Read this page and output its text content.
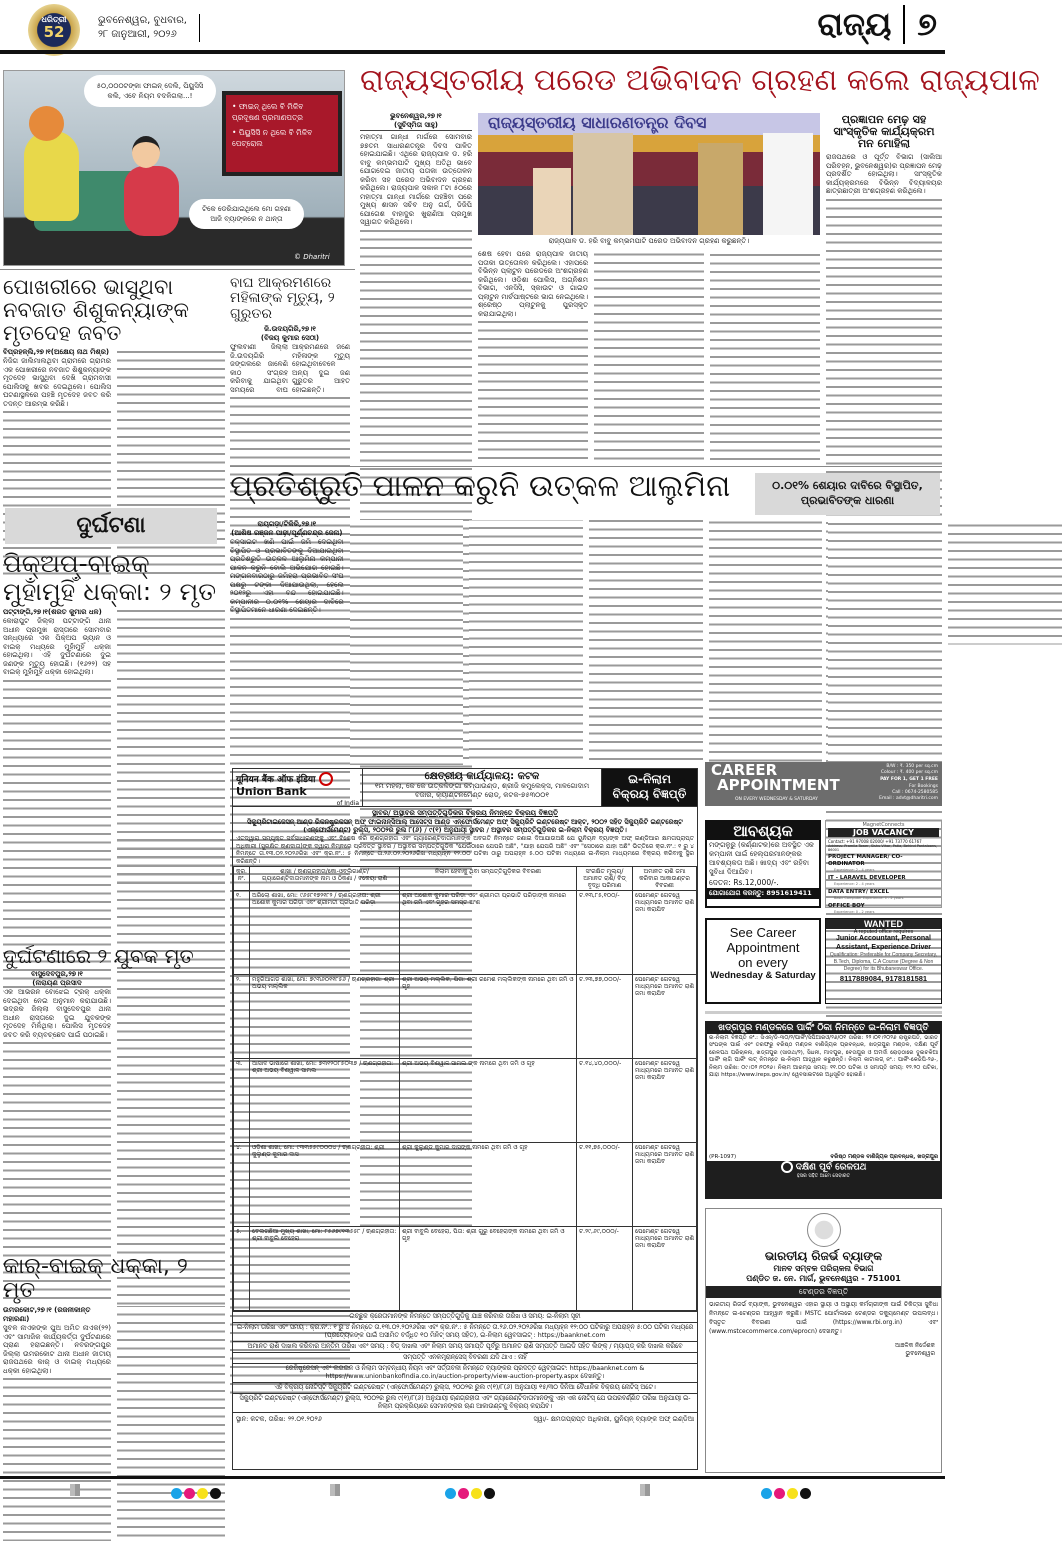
ଧରିତ୍ରୀ
52
ଭୁବନେଶ୍ୱର, ବୁଧବାର,
୨୮ ଜାନୁଆରୀ, ୨୦୨୬	ରାଜ୍ୟ ୭
୫୦,୦୦୦ଟଙ୍କା ଫାଇନ୍ ଦେଲି, ପିୟୁସିସି କଲି, ଏବେ ନିୟମ ବଦଳିଗଲା...!
• ଫାଇନ୍ ଥିଲେ ବି ମିଳିବ ପ୍ରଦୂଷଣ ପ୍ରମାଣପତ୍ର
• ପିୟୁସିସି ନ ଥିଲେ ବି ମିଳିବ ପେଟ୍ରୋଲ
ଟିକେ ଡେରିଯାଇଥିଲେ ମୋ ଗହଣା ଆଜି ବ୍ୟାଙ୍କରେ ନ ଥାନ୍ତା
© Dharitri
ରାଜ୍ୟସ୍ତରୀୟ ପରେଡ ଅଭିବାଦନ ଗ୍ରହଣ କଲେ ରାଜ୍ୟପାଳ
ଭୁବନେଶ୍ୱର,୨୭।୧
(ସୁଚିସ୍ମିତା ସାହୁ)
ମହାତ୍ମା ଗାନ୍ଧୀ ମାର୍ଗରେ ସୋମବାର ୭୭ତମ ସାଧାରଣତନ୍ତ୍ର ଦିବସ ପାଳିତ ହୋଇଯାଇଛି। ଏଥିରେ ରାଜ୍ୟପାଳ ଡ. ହରି ବାବୁ କମ୍ଭମପାଟି ମୁଖ୍ୟ ଅତିଥି ଭାବେ ଯୋଗଦେଇ ଜାତୀୟ ପତାକା ଉତ୍ତୋଳନ କରିବା ସହ ପରେଡ ଅଭିବାଦନ ଗ୍ରହଣ କରିଥିଲେ। ରାଜ୍ୟପାଳ ସକାଳ ୮ଟା ୫୦ରେ ମହାତ୍ମା ଗାନ୍ଧୀ ମାର୍ଗରେ ପହଞ୍ଚିବା ପରେ ମୁଖ୍ୟ ଶାସନ ସଚିବ ଅନୁ ଗର୍ଗ, ଡିଜିପି ଯୋଗେଶ ବାହାଦୁର ଖୁରାଣିଆ ପ୍ରମୁଖ ସ୍ୱାଗତ କରିଥିଲେ।
ରାଜ୍ୟସ୍ତରୀୟ ସାଧାରଣତନ୍ତ୍ର ଦିବସ
ରାଜ୍ୟପାଳ ଡ. ହରି ବାବୁ କମ୍ଭମପାଟି ପରେଡ ଅଭିବାଦନ ଗ୍ରହଣ କରୁଛନ୍ତି।
ଶେଷ ହେବା ପରେ ରାଜ୍ୟପାଳ ଜାତୀୟ ପତାକା ଉତ୍ତୋଳନ କରିଥିଲେ। ଏହାପରେ ବିଭିନ୍ନ ପ୍ଲାଟୁନ ପରେଡରେ ଅଂଶଗ୍ରହଣ କରିଥିଲେ। ଓଡ଼ିଶା ପୋଲିସ, ଅଗ୍ନିଶମ ବିଭାଗ, ଏନସିସି, ସ୍କାଉଟ ଓ ଗାଇଡ ପ୍ଲାଟୁନ ମାର୍ଚପାଷ୍ଟରେ ଭାଗ ନେଇଥିଲେ। ଶ୍ରେଷ୍ଠ ପ୍ଲାଟୁନକୁ ପୁରସ୍କୃତ କରାଯାଇଥିଲା।
ପ୍ରଜ୍ଞାପନ ମେଢ଼ ସହ ସାଂସ୍କୃତିକ କାର୍ଯ୍ୟକ୍ରମ ମନ ମୋହିଲା
ରାଜପଥରେ ଓ ପୂର୍ତ୍ତ ବିଭାଗ (ସାଲିଆ ପରିବହନ, ଭୁବନେଶ୍ୱର)ର ପ୍ରଜ୍ଞାପନ ମେଢ଼ ପ୍ରଦର୍ଶିତ ହୋଇଥିଲା। ସାଂସ୍କୃତିକ କାର୍ଯ୍ୟକ୍ରମରେ ବିଭିନ୍ନ ବିଦ୍ୟାଳୟର ଛାତ୍ରଛାତ୍ରୀ ଅଂଶଗ୍ରହଣ କରିଥିଲେ।
ପୋଖରୀରେ ଭାସୁଥିବା ନବଜାତ ଶିଶୁକନ୍ୟାଙ୍କ ମୃତଦେହ ଜବତ
ବିପ୍ରହଳ୍ଲି,୨୭।୧(ଅକ୍ଷେୟ ନାଥ ମିଶ୍ର)
ନିଜିଗ ଜାଲିମାଲଥିବା ଗ୍ରାମରେ ଗ୍ରାମର ଏକ ପୋଖରୀରେ ନବଜାତ ଶିଶୁକନ୍ୟାଙ୍କ ମୃତଦେହ ଭାସୁଥିବା ଦେଖି ଗ୍ରାମବାସୀ ପୋଲିସକୁ ଖବର ଦେଇଥିଲେ। ପୋଲିସ ଘଟଣାସ୍ଥଳରେ ପହଞ୍ଚି ମୃତଦେହ ଜବତ କରି ତଦନ୍ତ ଆରମ୍ଭ କରିଛି।
ବାଘ ଆକ୍ରମଣରେ ମହିଳାଙ୍କ ମୃତ୍ୟୁ, ୨ ଗୁରୁତର
ଜି.ଉଦୟଗିରି,୨୭।୧
(ବିଜୟ କୁମାର ସେଠୀ)
ଫୁଲବାଣୀ ଜିଲ୍ଲା ଜି.ଉଦୟଗିରି ଜଙ୍ଗଲରେ ଜାଳେଣି କାଠ ସଂଗ୍ରହ କରିବାକୁ ଯାଇଥିବା ସମୟରେ ବାଘ ଆକ୍ରମଣରେ ଜଣେ ମହିଳାଙ୍କ ମୃତ୍ୟୁ ହୋଇଥିବାବେଳେ ଅନ୍ୟ ଦୁଇ ଜଣ ଗୁରୁତର ଆହତ ହୋଇଛନ୍ତି।
ଦୁର୍ଘଟଣା
ପିକ୍ଅପ୍-ବାଇକ୍ ମୁହାଁମୁହିଁ ଧକ୍କା: ୨ ମୃତ
ପଟ୍ଟାଙ୍ଗି,୨୭।୧(ଶରତ କୁମାର ଧଳ)
କୋରାପୁଟ ଜିଲ୍ଲା ପଟ୍ଟାଙ୍ଗି ଥାନା ଅଧୀନ ପ୍ରମୁଖ ରାସ୍ତାରେ ସୋମବାର ସନ୍ଧ୍ୟାରେ ଏକ ପିକ୍ଅପ ଭ୍ୟାନ ଓ ବାଇକ୍ ମଧ୍ୟରେ ମୁହାଁମୁହିଁ ଧକ୍କା ହୋଇଥିଲା। ଏହି ଦୁର୍ଘଟଣାରେ ଦୁଇ ଜଣଙ୍କ ମୃତ୍ୟୁ ହୋଇଛି। (୧୬୨୨) ସହ ବାଇକ୍ ମୁହାଁମୁହିଁ ଧକ୍କା ହୋଇଥିଲା।
ଦୁର୍ଘଟଣାରେ ୨ ଯୁବକ ମୃତ
ବାସୁଦେବପୁର,୨୭।୧
(ନାରାୟଣ ପ୍ରସାଦ
ଏକ ଆଭରନ ବୋଝେଇ ଟ୍ରକ୍ ଧକ୍କା ଦେଇଥିବା ନେଇ ଅନୁମାନ କରାଯାଉଛି। ଭଦ୍ରକ ଜିଲ୍ଲା ବାସୁଦେବପୁର ଥାନା ଅଧୀନ ରାସ୍ତାରେ ଦୁଇ ଯୁବକଙ୍କ ମୃତଦେହ ମିଳିଥିଲା। ପୋଲିସ ମୃତଦେହ ଜବତ କରି ବ୍ୟବଚ୍ଛେଦ ପାଇଁ ପଠାଇଛି।
କାର୍-ବାଇକ୍ ଧକ୍କା, ୨ ମୃତ
ଉମରକୋଟ,୨୭।୧ (ରଜନୀକାନ୍ତ ମହାରଣା)
ସୁବଳ ନାଏକଙ୍କ ପୁଅ ଅମିତ ନାଏକ(୨୨) ଏବଂ ସାମାଜିକ କାର୍ଯ୍ୟକର୍ତ୍ତା ଦୁର୍ଘଟଣାରେ ପ୍ରାଣ ହରାଇଛନ୍ତି। ନବରଙ୍ଗପୁର ଜିଲ୍ଲା ଉମରକୋଟ ଥାନା ଅଧୀନ ଜାତୀୟ ରାଜପଥରେ କାର୍ ଓ ବାଇକ୍ ମଧ୍ୟରେ ଧକ୍କା ହୋଇଥିଲା।
ପ୍ରତିଶ୍ରୁତି ପାଳନ କରୁନି ଉତ୍କଳ ଆଲୁମିନା	୦.୦୧% ଶେୟାର ଦାବିରେ ବିସ୍ଥାପିତ, ପ୍ରଭାବିତଙ୍କ ଧାରଣା
ରାୟଗଡ଼ା/ଟିକିରି,୨୭।୧
(ଆଶିଷ ରଞ୍ଜନ ପାଢ଼ୀ/ପୂର୍ଣ୍ଣଚନ୍ଦ୍ର ଜେନା)
ବକ୍ସାଇଟ ଖଣି ପାଇଁ ଜମି ଦେଇଥିବା ବିସ୍ଥାପିତ ଓ ପ୍ରଭାବିତଙ୍କୁ ଦିଆଯାଇଥିବା ପ୍ରତିଶ୍ରୁତି ଉତ୍କଳ ଆଲୁମିନା କମ୍ପାନୀ ପାଳନ କରୁନି ବୋଲି ଅଭିଯୋଗ ହୋଇଛି। ମଙ୍ଗଳବାରଠାରୁ ଜମିହରା ପ୍ରଭାବିତ ସଂଘ ପକ୍ଷରୁ ଟଙ୍କା ଦିଆଯାଉଥିଲା, ହେଲେ ୨୦୧୨ରୁ ଏହା ବନ୍ଦ ହୋଇଯାଇଛି। କମ୍ପାନୀର ୦.୦୧% ଶେୟାର ଦାବିରେ ବିସ୍ଥାପିତମାନେ ଧାରଣା ଦେଇଛନ୍ତି।
यूनियन बैंक ऑफ इंडिया  Union Bank
of India
କ୍ଷେତ୍ରୀୟ କାର୍ଯ୍ୟାଳୟ: କଟକ
୧ମ ମହଲା, କେ କେ ଉତ୍କଳିଙ୍ଗା କମ୍ପାଉଣ୍ଡ, ଶ୍ରୀଜି କମ୍ପ୍ଲେକ୍ସ, ମାଳଗୋଦାମ ବଜାର, କ୍ୟାଣ୍ଟନମେଣ୍ଟ ରୋଡ୍, କଟକ-୭୫୩୦୦୧
ଇ-ନିଲାମ ବିକ୍ରୟ ବିଜ୍ଞପ୍ତି
ସ୍ଥାବର/ ଅସ୍ଥାବର ସମ୍ପତ୍ତିଗୁଡ଼ିକର ବିକ୍ରୟ ନିମନ୍ତେ ବିକ୍ରୟ ବିଜ୍ଞପ୍ତି
ସିକ୍ୟୁରିଟାଇଜେସନ୍ ଆଣ୍ଡ ରିକନଷ୍ଟ୍ରକସନ୍ ଅଫ୍ ଫାଇନାନ୍ସିଆଲ୍ ଆସେଟ୍ସ ଆଣ୍ଡ ଏନ୍ଫୋର୍ସମେଣ୍ଟ ଅଫ୍ ସିକ୍ୟୁରିଟି ଇଣ୍ଟରେଷ୍ଟ ଆକ୍ଟ, ୨୦୦୨ ସହିତ ସିକ୍ୟୁରିଟି ଇଣ୍ଟରେଷ୍ଟ (ଏନ୍ଫୋର୍ସମେଣ୍ଟ) ରୁଲ୍ସ, ୨୦୦୨ର ରୁଲ ୮(୬) / ୯(୧) ଅନୁଯାୟୀ ସ୍ଥାବର / ଅସ୍ଥାବର ସମ୍ପତ୍ତିଗୁଡ଼ିକର ଇ-ନିଲାମ ବିକ୍ରୟ ବିଜ୍ଞପ୍ତି।
ଏତଦ୍ୱାରା ସମ୍ପୃକ୍ତ ସର୍ବସାଧାରଣଙ୍କୁ ଏବଂ ବିଶେଷ କରି ଋଣଗ୍ରହୀତା ଏବଂ ଗ୍ୟାରେଣ୍ଟିଦାତାମାନଙ୍କ ଅବଗତି ନିମନ୍ତେ ଜଣାଇ ଦିଆଯାଉଅଛି ଯେ ୟୁନିୟନ ବ୍ୟାଙ୍କ ଅଫ୍ ଇଣ୍ଡିଆର କ୍ଷମତାପ୍ରାପ୍ତ ଅଧିକାରୀ (ସୁରକ୍ଷିତ ଋଣଦାତା)ଙ୍କ ଦ୍ୱାରା ନିମ୍ନରେ ପ୍ରଦତ୍ତ ସ୍ଥାବର / ଅସ୍ଥାବର ସମ୍ପତ୍ତିଗୁଡ଼ିକ "ଯେଉଁଠାରେ ଯେପରି ଅଛି", "ଯାହା ଯେପରି ଅଛି" ଏବଂ "ସେଠାରେ ଯାହା ଅଛି" ଭିତ୍ତିରେ କ୍ର.ନଂ.: ୧ ରୁ ୪ ନିମନ୍ତେ ତା.୧୩.୦୨.୨୦୨୬ରିଖ ଏବଂ କ୍ର.ନଂ.: ୫ ନିମନ୍ତେ ତା.୨୬.୦୨.୨୦୨୬ରିଖ ମଧ୍ୟାହ୍ନ ୧୨.୦୦ ଘଟିକା ଠାରୁ ଅପରାହ୍ନ ୫.୦୦ ଘଟିକା ମଧ୍ୟରେ ଇ-ନିଲାମ ମାଧ୍ୟମରେ ବିକ୍ରୟ କରିବାକୁ ସ୍ଥିର କରିଛନ୍ତି।
କ୍ର. ନଂ.	ଶାଖା / ଋଣଗ୍ରହୀତା/କୋ-ଓବ୍ଲିଗାଣ୍ଟ/ ଗ୍ୟାରେଣ୍ଟିଦାତାମାନଙ୍କ ନାମ ଓ ଠିକଣା / ବକେୟା ରାଶି	ନିଲାମ ହେବାକୁ ଥିବା ସମ୍ପତ୍ତିଗୁଡ଼ିକର ବିବରଣୀ	ସଂରକ୍ଷିତ ମୂଲ୍ୟ/ ଅମାନତ ରାଶି/ ବିଡ୍ ବୃଦ୍ଧି ପରିମାଣ	ଅମାନତ ରାଶି ଜମା କରିବାର ଆକାଉଣ୍ଟର ବିବରଣୀ
୧.	ଅରିଲୋ ଶାଖା, ମୋ: ୯୬୫୮୧୭୨୧୮୨ / ଋଣଗ୍ରହୀତା: ଶ୍ରୀ ଅଶୋକ କୁମାର ପରିଡ଼ା ଏବଂ ଶ୍ରୀମତୀ ପ୍ରଭାତି ପରିଡ଼ା	ଶ୍ରୀ ଅଶୋକ କୁମାର ପରିଡ଼ା ଏବଂ ଶ୍ରୀମତୀ ପ୍ରଭାତି ପରିଡ଼ାଙ୍କ ନାମରେ ଥିବା ଜମି ଏବଂ ଗୃହର ସମସ୍ତ ଅଂଶ	ଟ.୧୩,୮୫,୧୦୦/-	ପେମେଣ୍ଟ ଗେଟୱେ ମାଧ୍ୟମରେ ଅମାନତ ରାଶି ଜମା କରାଯିବ
୨.	ମହୁରିଆଗଡ଼ ଶାଖା, ମୋ: ୭୯୩୬୦୧୧୮୫୬ / ଋଣଗ୍ରହୀତା: ଶ୍ରୀ ଅଭୟ ମଲ୍ଲିକ	ଶ୍ରୀ ଅଭୟ ମଲ୍ଲିକ, ପିତା: ଶ୍ରୀ ରମେଶ ମଲ୍ଲିକଙ୍କ ନାମରେ ଥିବା ଜମି ଓ ଗୃହ	ଟ.୨୩,୭୭,୦୦୦/-	ପେମେଣ୍ଟ ଗେଟୱେ ମାଧ୍ୟମରେ ଅମାନତ ରାଶି ଜମା କରାଯିବ
୩.	ଆସାଦ ଭାଷାରେ ଶାଖା, ମୋ: ୭୩୧୨୦୮୫୦୩୭ / ଋଣଗ୍ରହୀତା: ଶ୍ରୀ ଅଭୟ ବିଶୱାଳ ସାମଲ	ଶ୍ରୀ ଅଭୟ ବିଶୱାଳ ସାମଲ ଙ୍କ ନାମରେ ଥିବା ଜମି ଓ ଗୃହ	ଟ.୧୪,୪୦,୦୦୦/-	ପେମେଣ୍ଟ ଗେଟୱେ ମାଧ୍ୟମରେ ଅମାନତ ରାଶି ଜମା କରାଯିବ
୪.	ଓଡ଼ିଶା ଶାଖା, ମୋ: ୯୩୩୫୫୯୦୦୦୪ / ଋଣଗ୍ରହୀତା: ଶ୍ରୀ କୁଲୁଣ୍ଡ କୁମାର ଦାସ	ଶ୍ରୀ କୁଲୁଣ୍ଡ କୁମାର ଦାସଙ୍କ ନାମରେ ଥିବା ଜମି ଓ ଗୃହ	ଟ.୧୧,୭୫,୦୦୦/-	ପେମେଣ୍ଟ ଗେଟୱେ ମାଧ୍ୟମରେ ଅମାନତ ରାଶି ଜମା କରାଯିବ
୫.	ବେଲଗଛିଆ ମୁଖ୍ୟ ଶାଖା, ମୋ: ୮୫୬୭୯୧୩୫୫୮ / ଋଣଗ୍ରହୀତା: ଶ୍ରୀ ବାବୁଲି ବେହେରା	ଶ୍ରୀ ବାବୁଲି ବେହେରା, ପିତା: ଶ୍ରୀ ଗୁରୁ ବେହେରାଙ୍କ ନାମରେ ଥିବା ଜମି ଓ ଗୃହ	ଟ.୨୯,୬୯,୦୦୦/-	ପେମେଣ୍ଟ ଗେଟୱେ ମାଧ୍ୟମରେ ଅମାନତ ରାଶି ଜମା କରାଯିବ
ଇଚ୍ଛୁକ କ୍ରେତାମାନଙ୍କ ନିମନ୍ତେ ସମ୍ପତ୍ତିଗୁଡ଼ିକୁ ଯାଞ୍ଚ କରିବାର ତାରିଖ ଓ ସମୟ: ଇ-ନିଲାମ ସୂଚୀ
ଇ-ନିଲାମ ତାରିଖ ଏବଂ ସମୟ : କ୍ର.ନଂ.: ୧ ରୁ ୪ ନିମନ୍ତେ ତା.୧୩.୦୨.୨୦୨୬ରିଖ ଏବଂ କ୍ର.ନଂ.: ୫ ନିମନ୍ତେ ତା.୨୬.୦୨.୨୦୨୬ରିଖ ମଧ୍ୟାହ୍ନ ୧୨:୦୦ ଘଟିକାରୁ ଅପରାହ୍ନ ୫:୦୦ ଘଟିକା ମଧ୍ୟରେ (ପ୍ରତ୍ୟେକଙ୍କ ପାଇଁ ଅସୀମିତ ବର୍ଦ୍ଧିତ ୧୦ ମିନିଟ୍ ସମୟ ସହିତ), ଇ-ନିଲାମ ୱେବସାଇଟ୍ : https://baanknet.com
ଅମାନତ ରାଶି ଦାଖଲ କରିବାର ଅନ୍ତିମ ତାରିଖ ଏବଂ ସମୟ : ବିଡ୍ ଦାଖଲ ଏବଂ ନିଲାମ ସମୟ ସମାପ୍ତି ପୂର୍ବରୁ ଅମାନତ ରାଶି ସମ୍ପତ୍ତି ଆଇଡି ସହିତ ଲିଙ୍କ୍ / ମ୍ୟାପ୍ଡ୍ କରି ଦାଖଲ କରିବେ
ସମ୍ପତ୍ତି ଏନକମ୍ବ୍ରାନ୍ସେସ୍ ବିବରଣୀ ଯଦି ଥାଏ : ନାହିଁ
ରେଜିଷ୍ଟ୍ରେସନ୍ ଏବଂ ଲଗଇନ ଓ ନିଲାମ ସମ୍ବନ୍ଧୀୟ ନିୟମ ଏବଂ ସର୍ତ୍ତାବଳୀ ନିମନ୍ତେ ବ୍ୟାଙ୍କର ପ୍ରଦତ୍ତ ୱେବ୍ସାଇଟ: https://baanknet.com & https://www.unionbankofindia.co.in/auction-property/view-auction-property.aspx ଦେଖନ୍ତୁ।
ଏହି ବିକ୍ରୟ ନୋଟିସ୍ଟି ସିକ୍ୟୁରିଟି ଇଣ୍ଟରେଷ୍ଟ (ଏନ୍ଫୋର୍ସମେଣ୍ଟ) ରୁଲ୍ସ, ୨୦୦୨ର ରୁଲ ୯(୧)/୮(୬) ଅନୁଯାୟୀ ୧୫/୩୦ ଦିନିଆ ବୈଧାନିକ ବିକ୍ରୟ ନୋଟିସ୍ ଅଟେ।
ସିକ୍ୟୁରିଟି ଇଣ୍ଟରେଷ୍ଟ (ଏନ୍ଫୋର୍ସମେଣ୍ଟ) ରୁଲ୍ସ, ୨୦୦୨ର ରୁଲ ୯(୧)/୮(୬) ଅନୁଯାୟୀ ଋଣଗ୍ରହୀତା ଏବଂ ଗ୍ୟାରେଣ୍ଟିଦାତାମାନଙ୍କୁ ଏହା ଏକ ନୋଟିସ୍ ଯେ ଉପରବର୍ଣ୍ଣିତ ତାରିଖ ଅନୁଯାୟୀ ଇ-ନିଲାମ ପ୍ରକ୍ରିୟାରେ ସେମାନଙ୍କର ଋଣ ଆକାଉଣ୍ଟକୁ ବିକ୍ରୟ କରାଯିବ।
ସ୍ଥାନ: କଟକ, ତାରିଖ: ୨୨.୦୧.୨୦୨୬	ସ୍ୱା/- କ୍ଷମତାପ୍ରାପ୍ତ ଅଧିକାରୀ, ୟୁନିୟନ୍ ବ୍ୟାଙ୍କ ଅଫ୍ ଇଣ୍ଡିଆ
CAREER
APPOINTMENT
ON EVERY WEDNESDAY & SATURDAY
B/W : ₹. 350 per sq.cm
Colour : ₹. 400 per sq.cm
PAY FOR 1, GET 1 FREE
For Bookings
Call : 0674-2580585
Email : advt@dharitri.com
ଆବଶ୍ୟକ
ମଙ୍ଗଳୁରୁ (କର୍ଣ୍ଣାଟକ)ରେ ଅବସ୍ଥିତ ଏକ କମ୍ପାନୀ ପାଇଁ ହେଲ୍ପରମାନଙ୍କର ଆବଶ୍ୟକତା ଅଛି। ଖାଦ୍ୟ ଏବଂ ରହିବା ସୁବିଧା ଦିଆଯିବ।
ଦେତନ: Rs.12,000/-.
ଯୋଗାଯୋଗ କରନ୍ତୁ: 8951619411
MagnetConnects
JOB VACANCY
Contact: +91 97008 02000/ +91 73770 61767
Address: Pramila Tower, Sishu Vihar, Patia, Behind Pantaloons, 86001
PROJECT MANAGER/ CO-ORDINATOR
Experience: 2 - 4 years
IT - LARAVEL DEVELOPER
Experience: 2 - 4 years
DATA ENTRY/ EXCEL
Basic Computer Experience: 1 - 2 years
OFFICE BOY
Experience: 0 - 2 years
See Career
Appointment
on every
Wednesday & Saturday
WANTED
A reputed office requires
Junior Accountant, Personal Assistant, Experience Driver
Qualification: Preferable for Company Secretary, B.Tech, Diploma, C.A Course (Degree & Non Degree) for its Bhubaneswar Office.
8117889084, 9178181581
ଖଡ୍ଗପୁର ମଣ୍ଡଳରେ ପାର୍କିଂ ଠିକା ନିମନ୍ତେ ଇ-ନିଲାମ ବିଜ୍ଞପ୍ତି
ଇ-ନିଲାମ ବିଜ୍ଞପ୍ତି ନଂ.: ସିଏନ୍/ଡି-୩୦/୨/ପାର୍କିଂ/ସିପିଆରଓ/୨୬/୦୧ ତାରିଖ: ୨୨।୦୧।୨୦୨୬ ରାଷ୍ଟ୍ରପତି, ଭାରତ ସଂଘଙ୍କ ପାଇଁ ଏବଂ ତରଫରୁ ବରିଷ୍ଠ ମଣ୍ଡଳ ବାଣିଜ୍ୟିକ ପ୍ରବନ୍ଧକ, ଖଡ୍ଗପୁର ମଣ୍ଡଳ, ଦକ୍ଷିଣ ପୂର୍ବ ରେଳପଥ ପରିଚାଳନା, ଖଡ୍ଗପୁର (ସାଉଥ/୨), ସିଧନୀ, ମାଦପୁର, ବେତାପୁର ଓ ଅମର୍ଦା ରୋଡ଼ଠାରେ ଦୁଇଚକିଆ ପାର୍କିଂ ଲାଗି ପାର୍କିଂ ଲଟ୍ ନିମନ୍ତେ ଇ-ନିଲାମ ଆହ୍ୱାନ କରୁଛନ୍ତି। ନିଲାମ କାଟାଲଗ୍ ନଂ.: ପାର୍କିଂ-କେଜିପି-୨୬-, ନିଲାମ ତାରିଖ: ୦୯।୦୨।୨୦୨୬। ନିଲାମ ଆରମ୍ଭ ସମୟ: ୧୧.୦୦ ଘଟିକା ଓ ସମାପ୍ତି ସମୟ: ୧୨.୨୦ ଘଟିକା, ଯାହା https://www.ireps.gov.in/ ୱେବସାଇଟରେ ଅଧିସୂଚିତ ହୋଇଛି।
(PR-1097)	ବରିଷ୍ଠ ମଣ୍ଡଳ ବାଣିଜ୍ୟିକ ପ୍ରବନ୍ଧକ, ଖଡ୍ଗପୁର
ଦକ୍ଷିଣ ପୂର୍ବ ରେଳପଥ
ହସର ସହିତ ଆମେ ସେବାରତ
ଭାରତୀୟ ରିଜର୍ଭ ବ୍ୟାଙ୍କ
ମାନବ ସମ୍ବଳ ପରିଚାଳନା ବିଭାଗ
ପଣ୍ଡିତ ଜ. ନେ. ମାର୍ଗ, ଭୁବନେଶ୍ୱର - 751001
ଟେଣ୍ଡର ବିଜ୍ଞପ୍ତି
ଭାରତୀୟ ରିଜର୍ଭ ବ୍ୟାଙ୍କ, ଭୁବନେଶ୍ୱର ଏହାର ସ୍ଥାୟୀ ଓ ଅସ୍ଥାୟୀ କର୍ମଚାରୀଙ୍କ ପାଇଁ ଚିକିତ୍ସା ସୁବିଧା ନିମନ୍ତେ ଇ-ଟେଣ୍ଡର ଆହ୍ୱାନ କରୁଛି। MSTC ପୋର୍ଟାଲରେ ଟେଣ୍ଡର ଡକ୍ୟୁମେଣ୍ଟ ଉପଲବ୍ଧ। ବିସ୍ତୃତ ବିବରଣୀ ପାଇଁ (https://www.rbi.org.in) ଏବଂ (www.mstcecommerce.com/eprocn) ଦେଖନ୍ତୁ।
ଆଞ୍ଚଳିକ ନିର୍ଦ୍ଦେଶକ ଭୁବନେଶ୍ୱର
